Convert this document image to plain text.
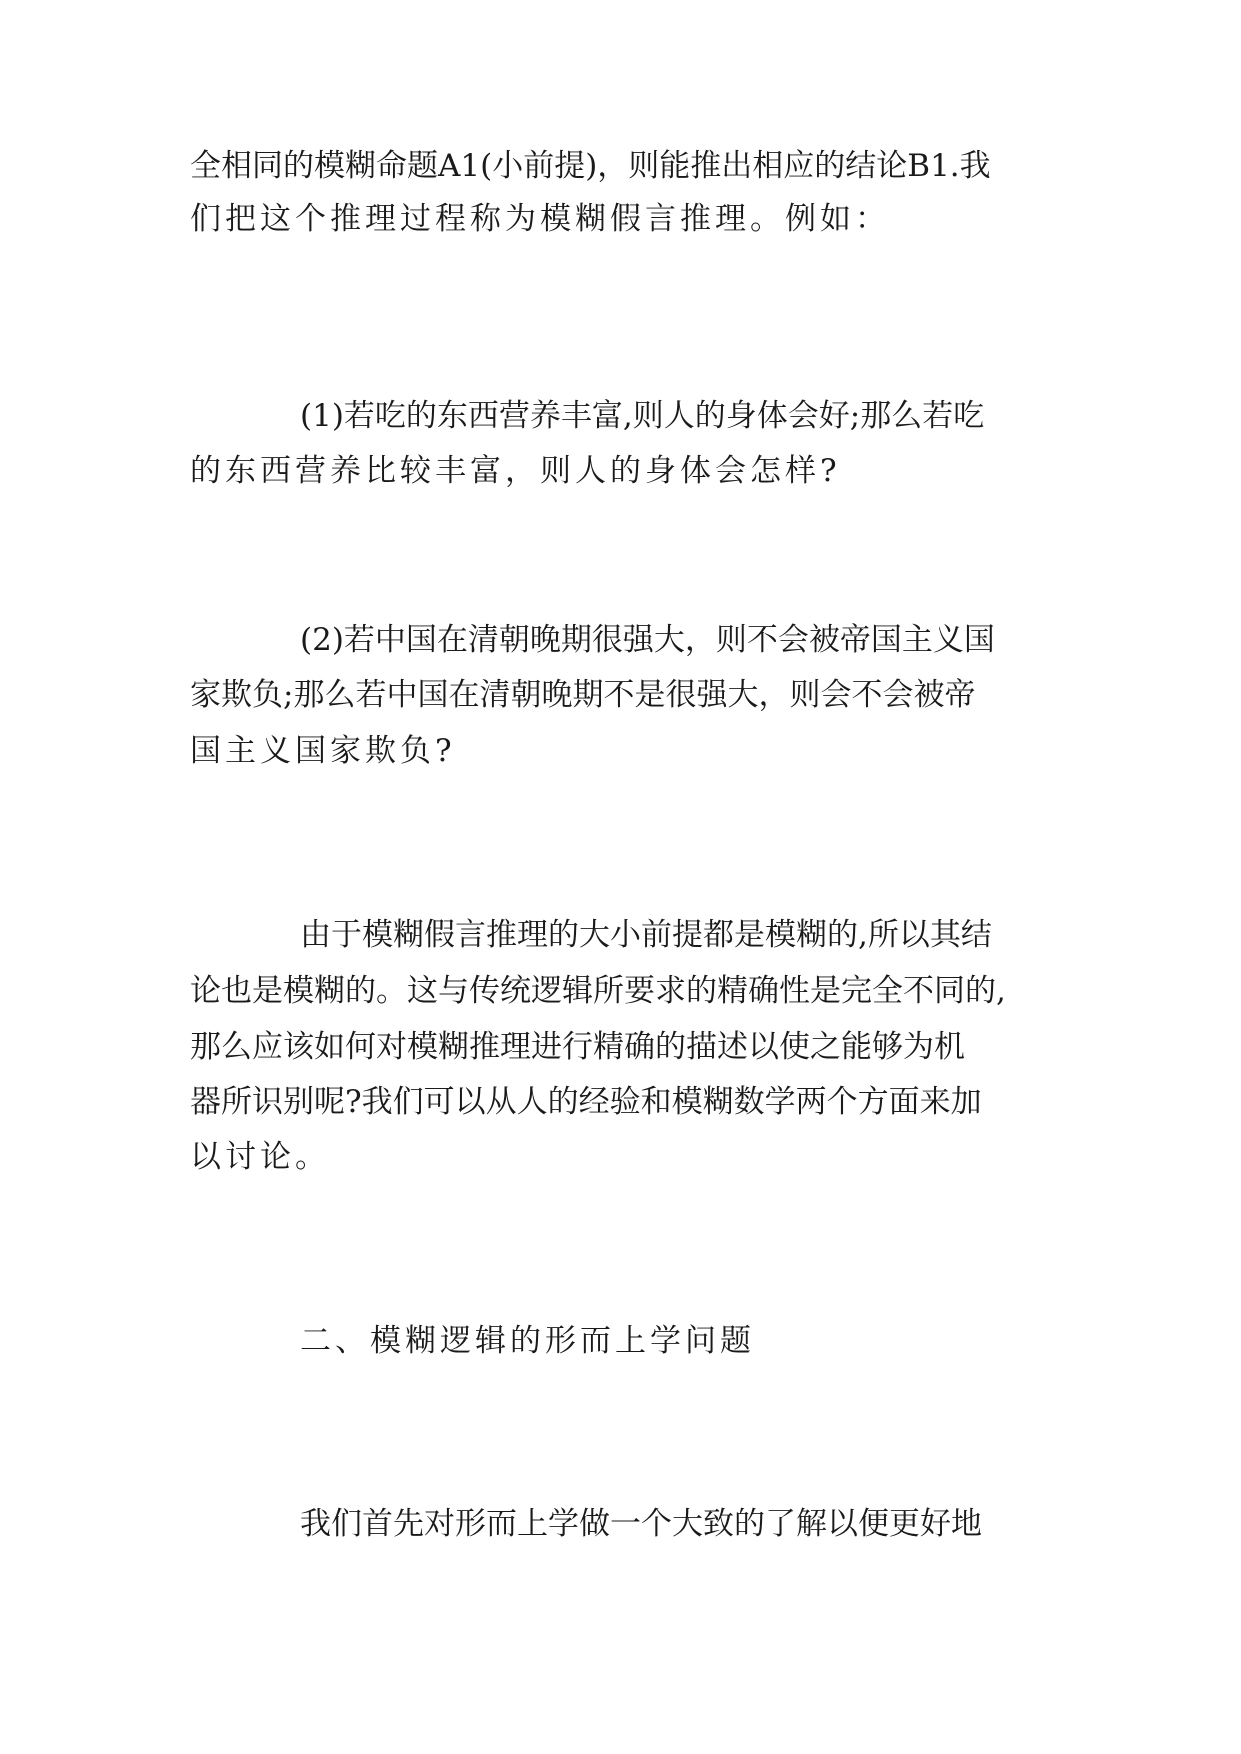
全相同的模糊命题A1(小前提)，则能推出相应的结论B1.我
们把这个推理过程称为模糊假言推理。例如：
(1)若吃的东西营养丰富,则人的身体会好;那么若吃
的东西营养比较丰富，则人的身体会怎样?
(2)若中国在清朝晚期很强大，则不会被帝国主义国
家欺负;那么若中国在清朝晚期不是很强大，则会不会被帝
国主义国家欺负?
由于模糊假言推理的大小前提都是模糊的,所以其结
论也是模糊的。这与传统逻辑所要求的精确性是完全不同的,
那么应该如何对模糊推理进行精确的描述以使之能够为机
器所识别呢?我们可以从人的经验和模糊数学两个方面来加
以讨论。
二、模糊逻辑的形而上学问题
我们首先对形而上学做一个大致的了解以便更好地
